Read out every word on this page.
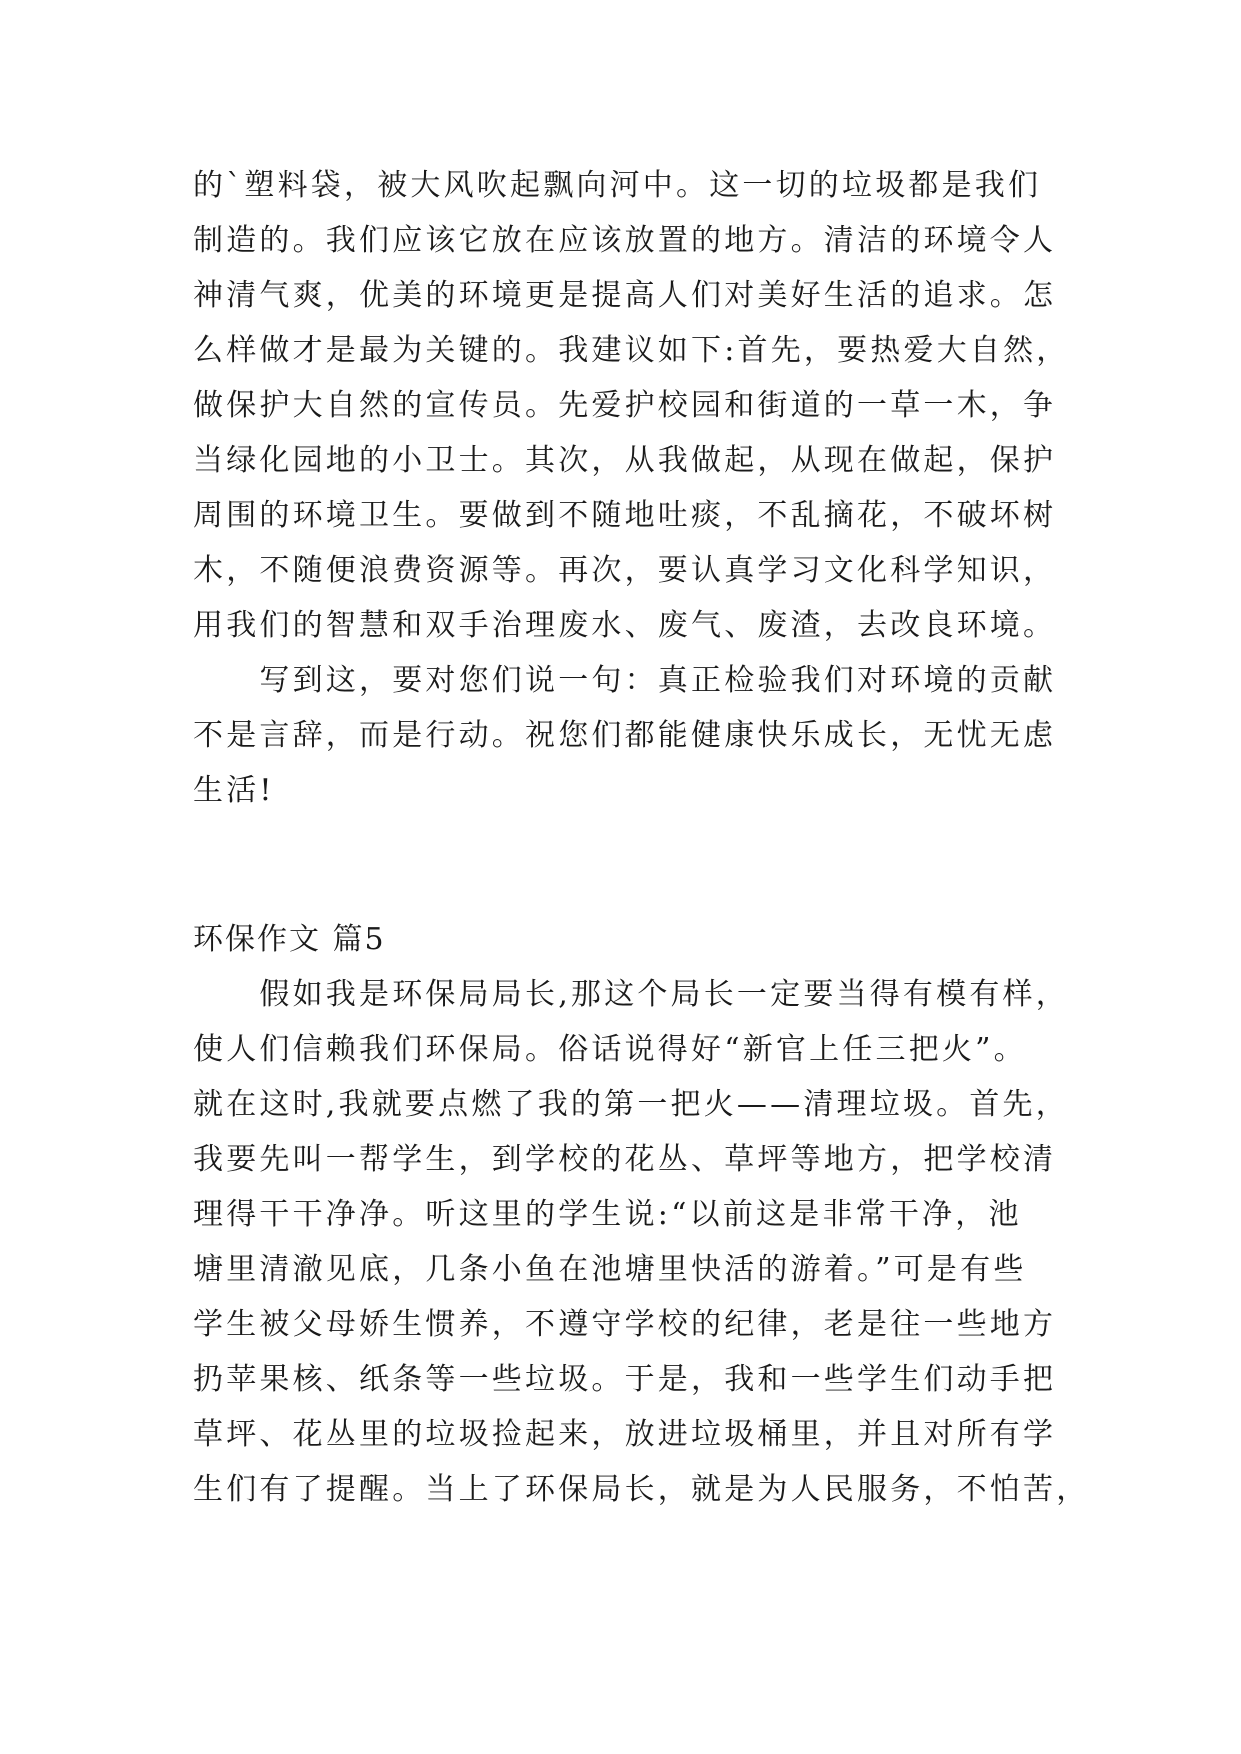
的`塑料袋，被大风吹起飘向河中。这一切的垃圾都是我们
制造的。我们应该它放在应该放置的地方。清洁的环境令人
神清气爽，优美的环境更是提高人们对美好生活的追求。怎
么样做才是最为关键的。我建议如下:首先，要热爱大自然，
做保护大自然的宣传员。先爱护校园和街道的一草一木，争
当绿化园地的小卫士。其次，从我做起，从现在做起，保护
周围的环境卫生。要做到不随地吐痰，不乱摘花，不破坏树
木，不随便浪费资源等。再次，要认真学习文化科学知识，
用我们的智慧和双手治理废水、废气、废渣，去改良环境。
　　写到这，要对您们说一句：真正检验我们对环境的贡献
不是言辞，而是行动。祝您们都能健康快乐成长，无忧无虑
生活!
环保作文 篇5
　　假如我是环保局局长,那这个局长一定要当得有模有样，
使人们信赖我们环保局。俗话说得好“新官上任三把火”。
就在这时,我就要点燃了我的第一把火——清理垃圾。首先，
我要先叫一帮学生，到学校的花丛、草坪等地方，把学校清
理得干干净净。听这里的学生说:“以前这是非常干净，池
塘里清澈见底，几条小鱼在池塘里快活的游着。”可是有些
学生被父母娇生惯养，不遵守学校的纪律，老是往一些地方
扔苹果核、纸条等一些垃圾。于是，我和一些学生们动手把
草坪、花丛里的垃圾捡起来，放进垃圾桶里，并且对所有学
生们有了提醒。当上了环保局长，就是为人民服务，不怕苦，
